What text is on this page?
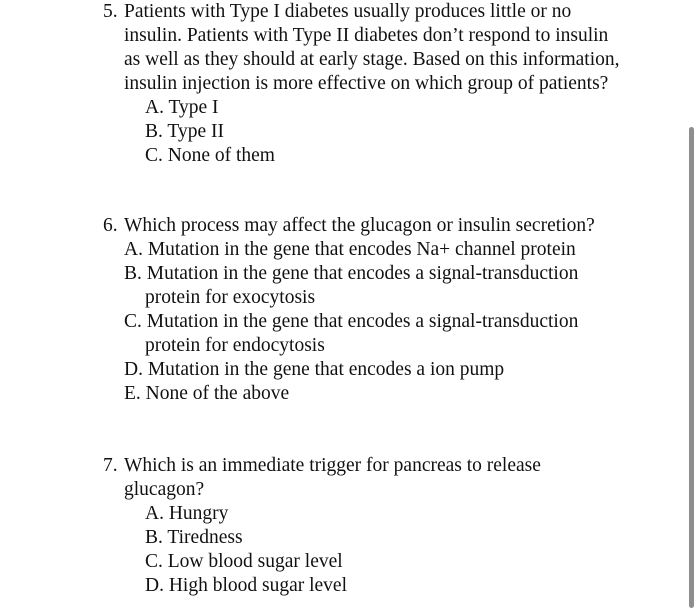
5. Patients with Type I diabetes usually produces little or no insulin. Patients with Type II diabetes don’t respond to insulin as well as they should at early stage. Based on this information, insulin injection is more effective on which group of patients?
A. Type I
B. Type II
C. None of them
6. Which process may affect the glucagon or insulin secretion?
A. Mutation in the gene that encodes Na+ channel protein
B. Mutation in the gene that encodes a signal-transduction protein for exocytosis
C. Mutation in the gene that encodes a signal-transduction protein for endocytosis
D. Mutation in the gene that encodes a ion pump
E. None of the above
7. Which is an immediate trigger for pancreas to release glucagon?
A. Hungry
B. Tiredness
C. Low blood sugar level
D. High blood sugar level
